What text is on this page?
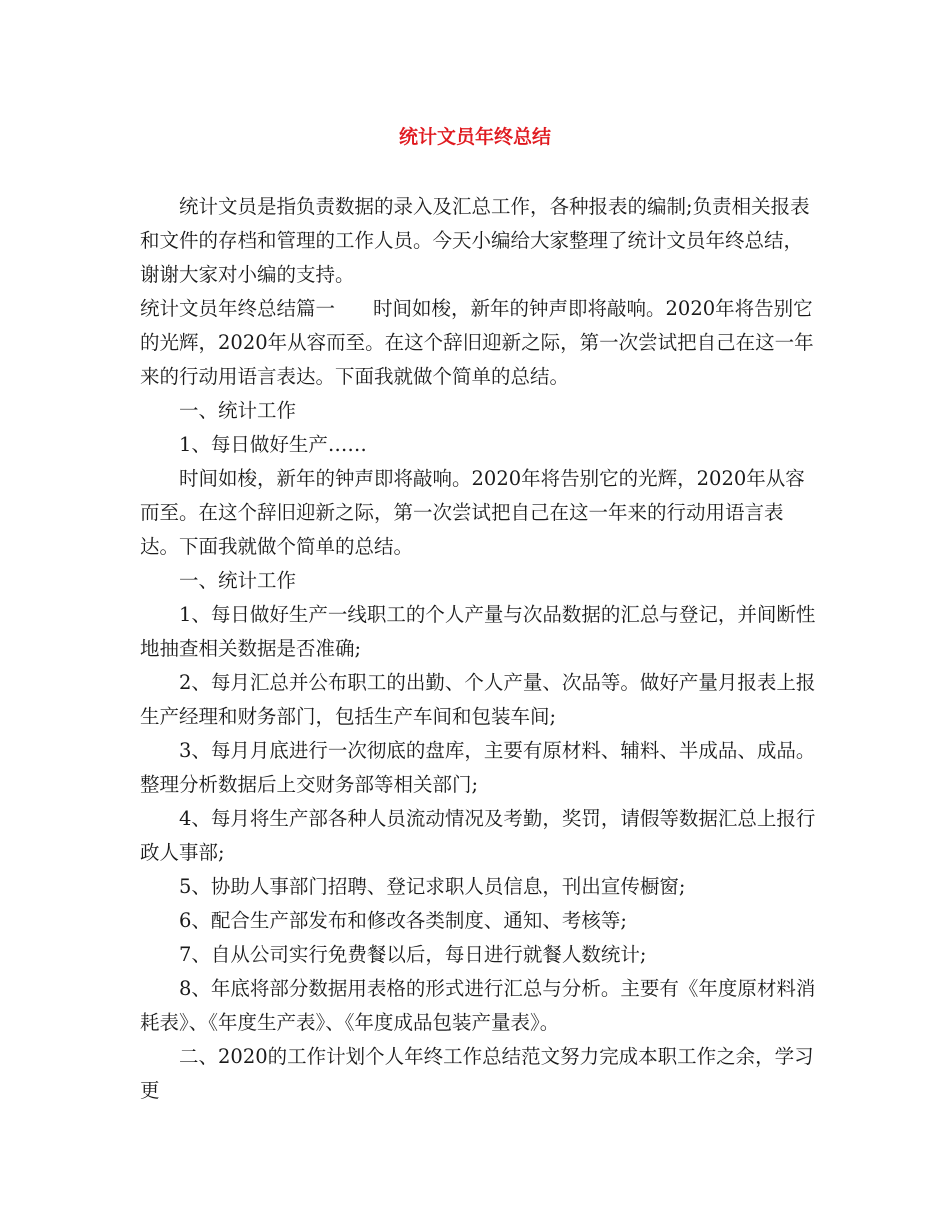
统计文员年终总结

统计文员是指负责数据的录入及汇总工作，各种报表的编制;负责相关报表和文件的存档和管理的工作人员。今天小编给大家整理了统计文员年终总结，谢谢大家对小编的支持。

统计文员年终总结篇一 时间如梭，新年的钟声即将敲响。2020年将告别它的光辉，2020年从容而至。在这个辞旧迎新之际，第一次尝试把自己在这一年来的行动用语言表达。下面我就做个简单的总结。

一、统计工作

1、每日做好生产……

时间如梭，新年的钟声即将敲响。2020年将告别它的光辉，2020年从容而至。在这个辞旧迎新之际，第一次尝试把自己在这一年来的行动用语言表达。下面我就做个简单的总结。

一、统计工作

1、每日做好生产一线职工的个人产量与次品数据的汇总与登记，并间断性地抽查相关数据是否准确;

2、每月汇总并公布职工的出勤、个人产量、次品等。做好产量月报表上报生产经理和财务部门，包括生产车间和包装车间;

3、每月月底进行一次彻底的盘库，主要有原材料、辅料、半成品、成品。整理分析数据后上交财务部等相关部门;

4、每月将生产部各种人员流动情况及考勤，奖罚，请假等数据汇总上报行政人事部;

5、协助人事部门招聘、登记求职人员信息，刊出宣传橱窗;

6、配合生产部发布和修改各类制度、通知、考核等;

7、自从公司实行免费餐以后，每日进行就餐人数统计;

8、年底将部分数据用表格的形式进行汇总与分析。主要有《年度原材料消耗表》、《年度生产表》、《年度成品包装产量表》。

二、2020的工作计划个人年终工作总结范文努力完成本职工作之余，学习更
